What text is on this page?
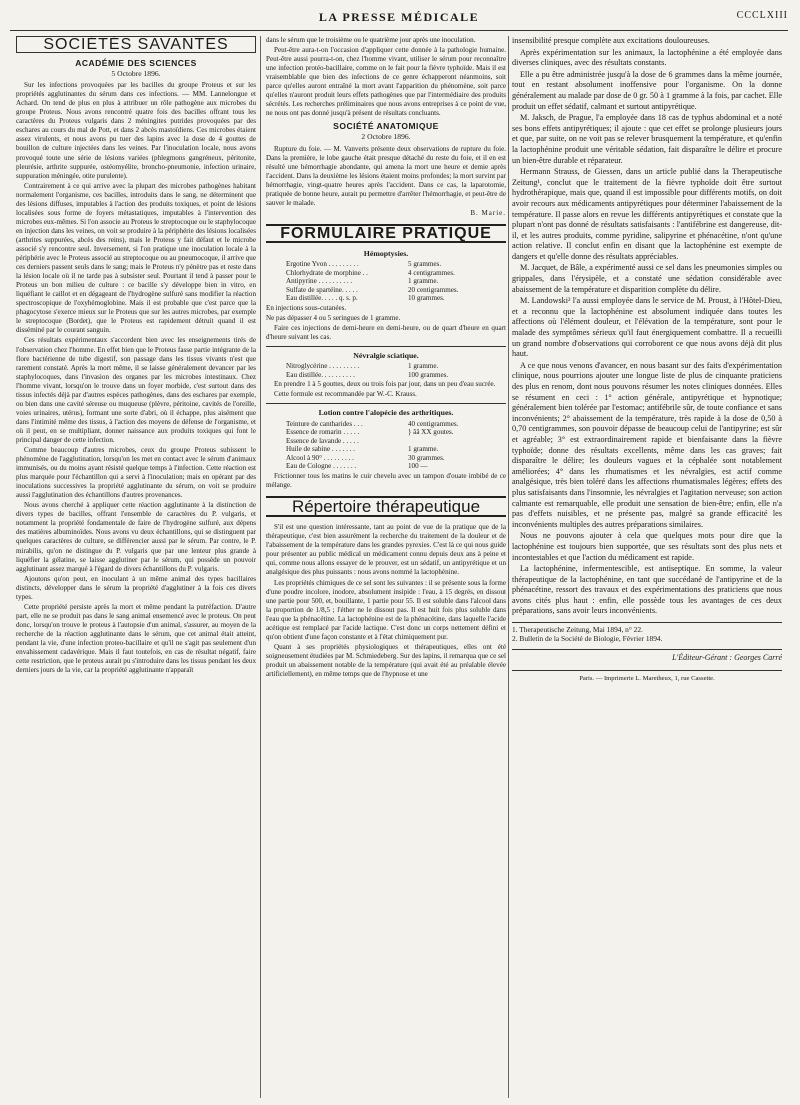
LA PRESSE MÉDICALE	CCCLXIII
SOCIÉTÉS SAVANTES
ACADÉMIE DES SCIENCES
5 Octobre 1896.

Sur les infections provoquées par les bacilles du groupe Proteus et sur les propriétés agglutinantes du sérum dans ces infections. — MM. Lannelongue et Achard. On tend de plus en plus à attribuer un rôle pathogène aux microbes du groupe Proteus. Nous avons rencontré quatre fois des bacilles offrant tous les caractères du Proteus vulgaris dans 2 méningites putrides provoquées par des eschares au cours du mal de Pott, et dans 2 abcès mastoïdiens. Ces microbes étaient assez virulents, et nous avons pu tuer des lapins avec la dose de 4 gouttes de bouillon de culture injectées dans les veines. Par l'inoculation locale, nous avons provoqué toute une série de lésions variées (phlegmons gangréneux, péritonite, pleurésie, arthrite suppurée, ostéomyélite, broncho-pneumonie, infection urinaire, suppuration méningée, otite purulente).

Contrairement à ce qui arrive avec la plupart des microbes pathogènes habitant normalement l'organisme, ces bacilles, introduits dans le sang, ne déterminent que des lésions diffuses, imputables à l'action des produits toxiques, et point de lésions localisées sous forme de foyers métastatiques, imputables à l'intervention des microbes eux-mêmes. Si l'on associe au Proteus le streptocoque ou le staphylocoque en injection dans les veines, on voit se produire à la périphérie des lésions localisées (arthrites suppurées, abcès des reins), mais le Proteus y fait défaut et le microbe associé s'y rencontre seul. Inversement, si l'on pratique une inoculation locale à la périphérie avec le Proteus associé au streptocoque ou au pneumocoque, il arrive que ces derniers passent seuls dans le sang; mais le Proteus n'y pénètre pas et reste dans la lésion locale où il ne tarde pas à subsister seul. Pourtant il tend à passer pour le Proteus un bon milieu de culture : ce bacille s'y développe bien in vitro, en liquéfiant le caillot et en dégageant de l'hydrogène sulfuré sans modifier la réaction spectroscopique de l'oxyhémoglobine. Mais il est probable que c'est parce que la phagocytose s'exerce mieux sur le Proteus que sur les autres microbes, par exemple le streptocoque (Bordet), que le Proteus est rapidement détruit quand il est disséminé par le courant sanguin.

Ces résultats expérimentaux s'accordent bien avec les enseignements tirés de l'observation chez l'homme. En effet bien que le Proteus fasse partie intégrante de la flore bactérienne de tube digestif, son passage dans les tissus vivants n'est que rarement constaté. Après la mort même, il se laisse généralement devancer par les staphylocoques, dans l'invasion des organes par les microbes intestinaux. Chez l'homme vivant, lorsqu'on le trouve dans un foyer morbide, c'est surtout dans des tissus infectés déjà par d'autres espèces pathogènes, dans des eschares par exemple, ou bien dans une cavité séreuse ou muqueuse (plèvre, péritoine, cavités de l'oreille, voies urinaires, utérus), formant une sorte d'abri, où il échappe, plus aisément que dans l'intimité même des tissus, à l'action des moyens de défense de l'organisme, et où il peut, en se multipliant, donner naissance aux produits toxiques qui font le principal danger de cette infection.

Comme beaucoup d'autres microbes, ceux du groupe Proteus subissent le phénomène de l'agglutination, lorsqu'on les met en contact avec le sérum d'animaux immunisés, ou du moins ayant résisté quelque temps à l'infection. Cette réaction est plus marquée pour l'échantillon qui a servi à l'inoculation; mais en opérant par des inoculations successives la propriété agglutinante du sérum, on voit se produire aussi l'agglutination des échantillons d'autres provenances.

Nous avons cherché à appliquer cette réaction agglutinante à la distinction de divers types de bacilles, offrant l'ensemble de caractères du P. vulgaris, et notamment la propriété fondamentale de faire de l'hydrogène sulfuré, aux dépens des matières albuminoïdes. Nous avons vu deux échantillons, qui se distinguent par quelques caractères de culture, se différencier aussi par le sérum. Par contre, le P. mirabilis, qu'on ne distingue du P. vulgaris que par une lenteur plus grande à liquéfier la gélatine, se laisse agglutiner par le sérum, qui possède un pouvoir agglutinant assez marqué à l'égard de divers échantillons du P. vulgaris.

Ajoutons qu'on peut, en inoculant à un même animal des types bacillaires distincts, développer dans le sérum la propriété d'agglutiner à la fois ces divers types.

Cette propriété persiste après la mort et même pendant la putréfaction. D'autre part, elle ne se produit pas dans le sang animal ensemencé avec le proteus. On peut donc, lorsqu'on trouve le proteus à l'autopsie d'un animal, s'assurer, au moyen de la recherche de la réaction agglutinante dans le sérum, que cet animal était atteint, pendant la vie, d'une infection proteo-bacillaire et qu'il ne s'agit pas seulement d'un envahissement cadavérique. Mais il faut toutefois, en cas de résultat négatif, faire cette restriction, que le proteus aurait pu s'introduire dans les tissus pendant les deux derniers jours de la vie, car la propriété agglutinante n'apparaît

dans le sérum que le troisième ou le quatrième jour après une inoculation.

Peut-être aura-t-on l'occasion d'appliquer cette donnée à la pathologie humaine. Peut-être aussi pourra-t-on, chez l'homme vivant, utiliser le sérum pour reconnaître une infection protéo-bacillaire, comme on le fait pour la fièvre typhoïde. Mais il est vraisemblable que bien des infections de ce genre échapperont néanmoins, soit parce qu'elles auront entraîné la mort avant l'apparition du phénomène, soit parce qu'elles n'auront produit leurs effets pathogènes que par l'intermédiaire des produits sécrétés. Les recherches préliminaires que nous avons entreprises à ce point de vue, ne nous ont pas donné jusqu'à présent de résultats concluants.

SOCIÉTÉ ANATOMIQUE
2 Octobre 1896.

Rupture du foie. — M. Vanverts présente deux observations de rupture du foie. Dans la première, le lobe gauche était presque détaché du reste du foie, et il en est résulté une hémorrhagie abondante, qui amena la mort une heure et demie après l'accident. Dans la deuxième les lésions étaient moins profondes; la mort survint par hémorrhagie, vingt-quatre heures après l'accident. Dans ce cas, la laparotomie, pratiquée de bonne heure, aurait pu permettre d'arrêter l'hémorrhagie, et peut-être de sauver le malade.

B. Marie.
FORMULAIRE PRATIQUE
Hémoptysies.
Ergotine Yvon . . . . . . . . .	5 grammes.
Chlorhydrate de morphine . .	4 centigrammes.
Antipyrine . . . . . . . . . .	1 gramme.
Sulfate de spartéine. . . . .	20 centigrammes.
Eau distillée. . . . . q. s. p.	10 grammes.

En injections sous-cutanées.

Ne pas dépasser 4 ou 5 seringues de 1 gramme.

Faire ces injections de demi-heure en demi-heure, ou de quart d'heure en quart d'heure suivant les cas.

Névralgie sciatique.
Nitroglycérine . . . . . . . . .	1 gramme.
Eau distillée. . . . . . . . . .	100 grammes.

En prendre 1 à 5 gouttes, deux ou trois fois par jour, dans un peu d'eau sucrée.

Cette formule est recommandée par W.-C. Krauss.

Lotion contre l'alopécie des arthritiques.
Teinture de cantharides . . .	40 centigrammes.
Essence de romarin . . . . .	} ãã XX goutes.
Essence de lavande . . . . .	
Huile de sabine . . . . . . .	1 gramme.
Alcool à 90° . . . . . . . . .	30 grammes.
Eau de Cologne . . . . . . .	100 —

Frictionner tous les matins le cuir chevelu avec un tampon d'ouate imbibé de ce mélange.

Répertoire thérapeutique

S'il est une question intéressante, tant au point de vue de la pratique que de la thérapeutique, c'est bien assurément la recherche du traitement de la douleur et de l'abaissement de la température dans les grandes pyrexies. C'est là ce qui nous guide pour présenter au public médical un médicament connu depuis deux ans à peine et qui, comme nous allons essayer de le prouver, est un sédatif, un antipyrétique et un analgésique des plus puissants : nous avons nommé la lactophénine.

Les propriétés chimiques de ce sel sont les suivantes : il se présente sous la forme d'une poudre incolore, inodore, absolument insipide : l'eau, à 15 degrés, en dissout une partie pour 500, et, bouillante, 1 partie pour 55. Il est soluble dans l'alcool dans la proportion de 1/8,5 ; l'éther ne le dissout pas. Il est huit fois plus soluble dans l'eau que la phénacétine. La lactophénine est de la phénacétine, dans laquelle l'acide acétique est remplacé par l'acide lactique. C'est donc un corps nettement défini et qu'on obtient d'une façon constante et à l'état chimiquement pur.

Quant à ses propriétés physiologiques et thérapeutiques, elles ont été soigneusement étudiées par M. Schmiedeberg. Sur des lapins, il remarqua que ce sel produit un abaissement notable de la température (qui avait été au préalable élevée artificiellement), en même temps que de l'hypnose et une

insensibilité presque complète aux excitations douloureuses.

Après expérimentation sur les animaux, la lactophénine a été employée dans diverses cliniques, avec des résultats constants.

Elle a pu être administrée jusqu'à la dose de 6 grammes dans la même journée, tout en restant absolument inoffensive pour l'organisme. On la donne généralement au malade par dose de 0 gr. 50 à 1 gramme à la fois, par cachet. Elle produit un effet sédatif, calmant et surtout antipyrétique.

M. Jaksch, de Prague, l'a employée dans 18 cas de typhus abdominal et a noté ses bons effets antipyrétiques; il ajoute : que cet effet se prolonge plusieurs jours et que, par suite, on ne voit pas se relever brusquement la température, et qu'enfin la lactophénine produit une véritable sédation, fait disparaître le délire et procure un bien-être durable et réparateur.

Hermann Strauss, de Giessen, dans un article publié dans la Therapeutische Zeitung¹, conclut que le traitement de la fièvre typhoïde doit être surtout hydrothérapique, mais que, quand il est impossible pour différents motifs, on doit avoir recours aux médicaments antipyrétiques pour déterminer l'abaissement de la température. Il passe alors en revue les différents antipyrétiques et constate que la plupart n'ont pas donné de résultats satisfaisants : l'antifébrine est dangereuse, dit-il, et les autres produits, comme pyridine, salipyrine et phénacétine, n'ont qu'une action relative. Il conclut enfin en disant que la lactophénine est exempte de dangers et qu'elle donne des résultats appréciables.

M. Jacquet, de Bâle, a expérimenté aussi ce sel dans les pneumonies simples ou grippales, dans l'érysipèle, et a constaté une sédation considérable avec abaissement de la température et disparition complète du délire.

M. Landowski² l'a aussi employée dans le service de M. Proust, à l'Hôtel-Dieu, et a reconnu que la lactophénine est absolument indiquée dans toutes les affections où l'élément douleur, et l'élévation de la température, sont pour le malade des symptômes sérieux qu'il faut énergiquement combattre. Il a recueilli un grand nombre d'observations qui corroborent ce que nous avons déjà dit plus haut.

A ce que nous venons d'avancer, en nous basant sur des faits d'expérimentation clinique, nous pourrions ajouter une longue liste de plus de cinquante praticiens des plus en renom, dont nous pouvons résumer les notes cliniques données. Elles se résument en ceci : 1° action générale, antipyrétique et hypnotique; généralement bien tolérée par l'estomac; antifébrile sûr, de toute confiance et sans inconvénients; 2° abaissement de la température, très rapide à la dose de 0,50 à 0,70 centigrammes, son pouvoir dépasse de beaucoup celui de l'antipyrine; est sûr et agréable; 3° est extraordinairement rapide et bienfaisante dans la fièvre typhoïde; donne des résultats excellents, même dans les cas graves; fait disparaître le délire; les douleurs vagues et la céphalée sont notablement améliorées; 4° dans les rhumatismes et les névralgies, est actif comme analgésique, très bien toléré dans les affections rhumatismales légères; effets des plus satisfaisants dans l'insomnie, les névralgies et l'agitation nerveuse; son action calmante est remarquable, elle produit une sensation de bien-être; enfin, elle n'a pas d'effets nuisibles, et ne présente pas, malgré sa grande efficacité les inconvénients multiples des autres préparations similaires.

Nous ne pouvons ajouter à cela que quelques mots pour dire que la lactophénine est toujours bien supportée, que ses résultats sont des plus nets et incontestables et que l'action du médicament est rapide.

La lactophénine, infermentescible, est antiseptique. En somme, la valeur thérapeutique de la lactophénine, en tant que succédané de l'antipyrine et de la phénacétine, ressort des travaux et des expérimentations des praticiens que nous avons cités plus haut : enfin, elle possède tous les avantages de ces deux préparations, sans avoir leurs inconvénients.

1. Therapeutische Zeitung, Mai 1894, n° 22.
2. Bulletin de la Société de Biologie, Février 1894.
L'Éditeur-Gérant : Georges Carré
Paris. — Imprimerie L. Maretheux, 1, rue Cassette.
